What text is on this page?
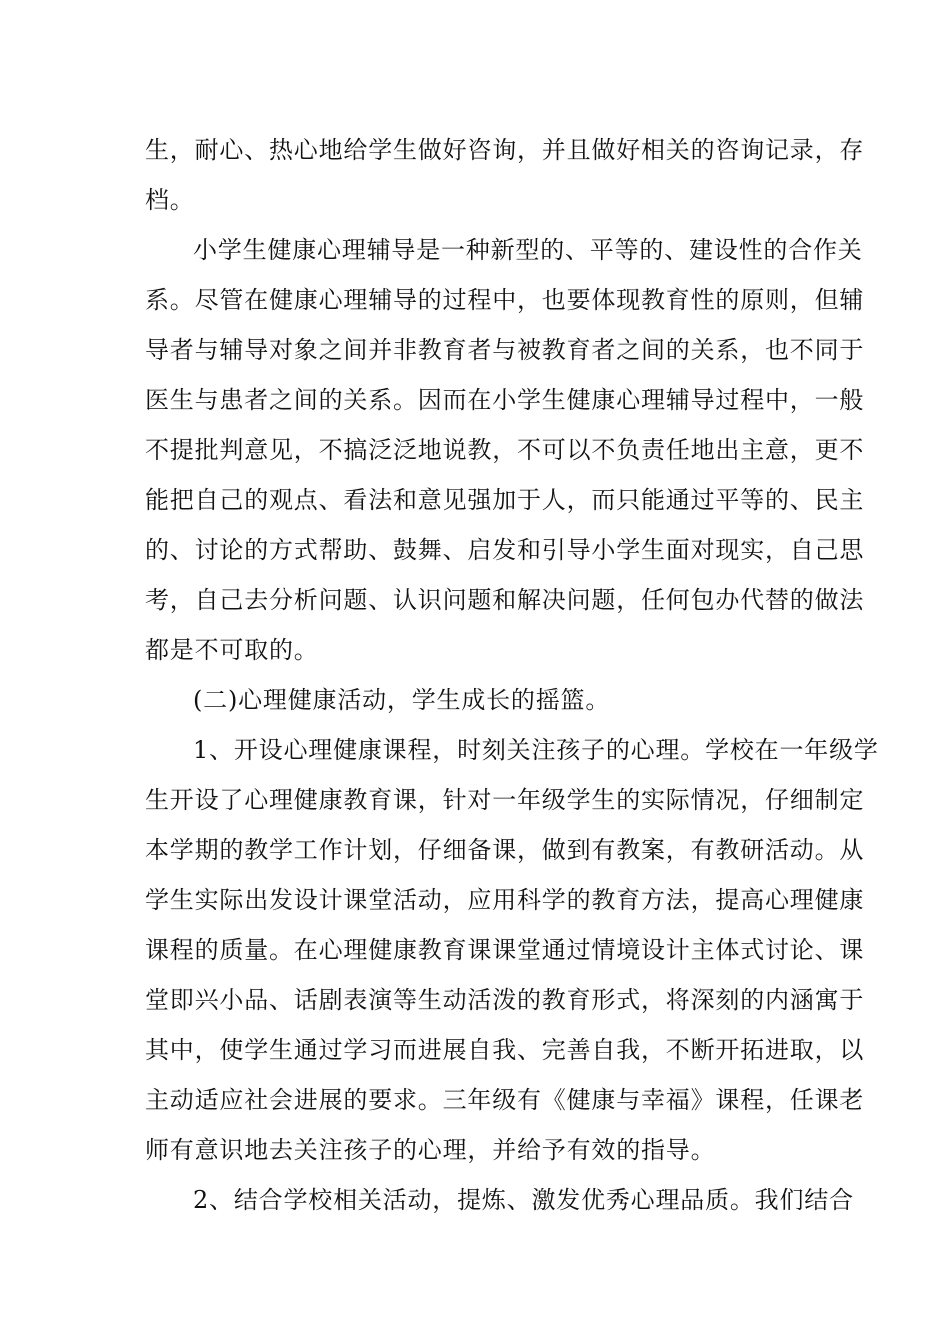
生，耐心、热心地给学生做好咨询，并且做好相关的咨询记录，存
档。
小学生健康心理辅导是一种新型的、平等的、建设性的合作关
系。尽管在健康心理辅导的过程中，也要体现教育性的原则，但辅
导者与辅导对象之间并非教育者与被教育者之间的关系，也不同于
医生与患者之间的关系。因而在小学生健康心理辅导过程中，一般
不提批判意见，不搞泛泛地说教，不可以不负责任地出主意，更不
能把自己的观点、看法和意见强加于人，而只能通过平等的、民主
的、讨论的方式帮助、鼓舞、启发和引导小学生面对现实，自己思
考，自己去分析问题、认识问题和解决问题，任何包办代替的做法
都是不可取的。
(二)心理健康活动，学生成长的摇篮。
1、开设心理健康课程，时刻关注孩子的心理。学校在一年级学
生开设了心理健康教育课，针对一年级学生的实际情况，仔细制定
本学期的教学工作计划，仔细备课，做到有教案，有教研活动。从
学生实际出发设计课堂活动，应用科学的教育方法，提高心理健康
课程的质量。在心理健康教育课课堂通过情境设计主体式讨论、课
堂即兴小品、话剧表演等生动活泼的教育形式，将深刻的内涵寓于
其中，使学生通过学习而进展自我、完善自我，不断开拓进取，以
主动适应社会进展的要求。三年级有《健康与幸福》课程，任课老
师有意识地去关注孩子的心理，并给予有效的指导。
2、结合学校相关活动，提炼、激发优秀心理品质。我们结合
